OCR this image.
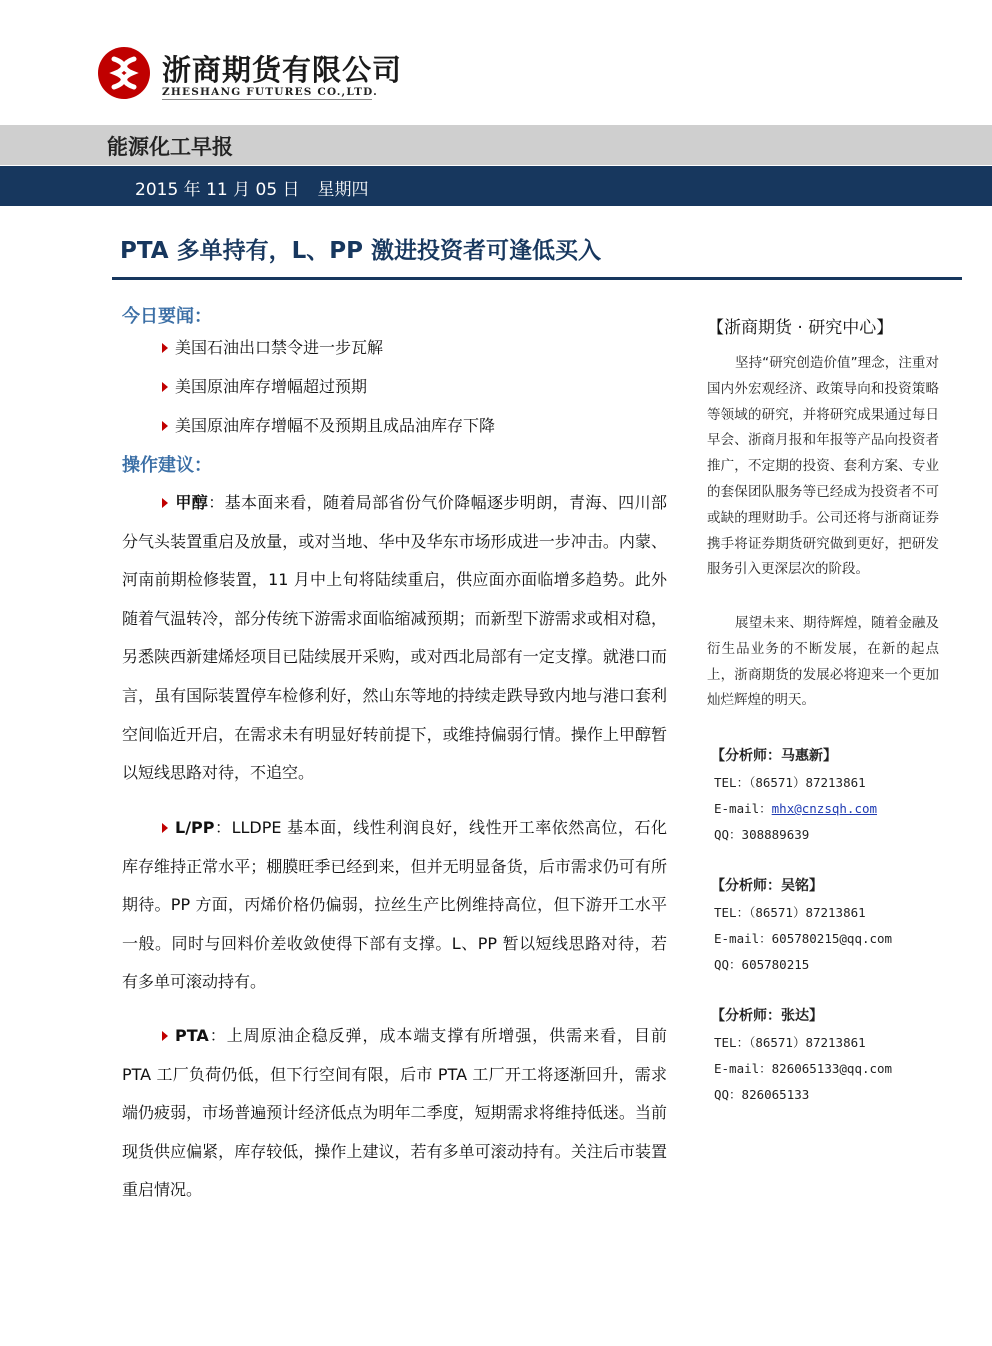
浙商期货有限公司
ZHESHANG FUTURES CO.,LTD.
能源化工早报
2015 年 11 月 05 日 星期四
PTA 多单持有，L、PP 激进投资者可逢低买入
今日要闻：
美国石油出口禁令进一步瓦解
美国原油库存增幅超过预期
美国原油库存增幅不及预期且成品油库存下降
操作建议：
甲醇：基本面来看，随着局部省份气价降幅逐步明朗，青海、四川部分气头装置重启及放量，或对当地、华中及华东市场形成进一步冲击。内蒙、河南前期检修装置，11 月中上旬将陆续重启，供应面亦面临增多趋势。此外随着气温转冷，部分传统下游需求面临缩减预期；而新型下游需求或相对稳，另悉陕西新建烯烃项目已陆续展开采购，或对西北局部有一定支撑。就港口而言，虽有国际装置停车检修利好，然山东等地的持续走跌导致内地与港口套利空间临近开启，在需求未有明显好转前提下，或维持偏弱行情。操作上甲醇暂以短线思路对待，不追空。
L/PP：LLDPE 基本面，线性利润良好，线性开工率依然高位，石化库存维持正常水平；棚膜旺季已经到来，但并无明显备货，后市需求仍可有所期待。PP 方面，丙烯价格仍偏弱，拉丝生产比例维持高位，但下游开工水平一般。同时与回料价差收敛使得下部有支撑。L、PP 暂以短线思路对待，若有多单可滚动持有。
PTA：上周原油企稳反弹，成本端支撑有所增强，供需来看，目前 PTA 工厂负荷仍低，但下行空间有限，后市 PTA 工厂开工将逐渐回升，需求端仍疲弱，市场普遍预计经济低点为明年二季度，短期需求将维持低迷。当前现货供应偏紧，库存较低，操作上建议，若有多单可滚动持有。关注后市装置重启情况。
【浙商期货 · 研究中心】
坚持“研究创造价值”理念，注重对国内外宏观经济、政策导向和投资策略等领域的研究，并将研究成果通过每日早会、浙商月报和年报等产品向投资者推广，不定期的投资、套利方案、专业的套保团队服务等已经成为投资者不可或缺的理财助手。公司还将与浙商证券携手将证券期货研究做到更好，把研发服务引入更深层次的阶段。
展望未来、期待辉煌，随着金融及衍生品业务的不断发展，在新的起点上，浙商期货的发展必将迎来一个更加灿烂辉煌的明天。
【分析师：马惠新】
TEL：（86571）87213861
E-mail：mhx@cnzsqh.com
QQ：308889639
【分析师：吴铭】
TEL：（86571）87213861
E-mail：605780215@qq.com
QQ：605780215
【分析师：张达】
TEL：（86571）87213861
E-mail：826065133@qq.com
QQ：826065133
